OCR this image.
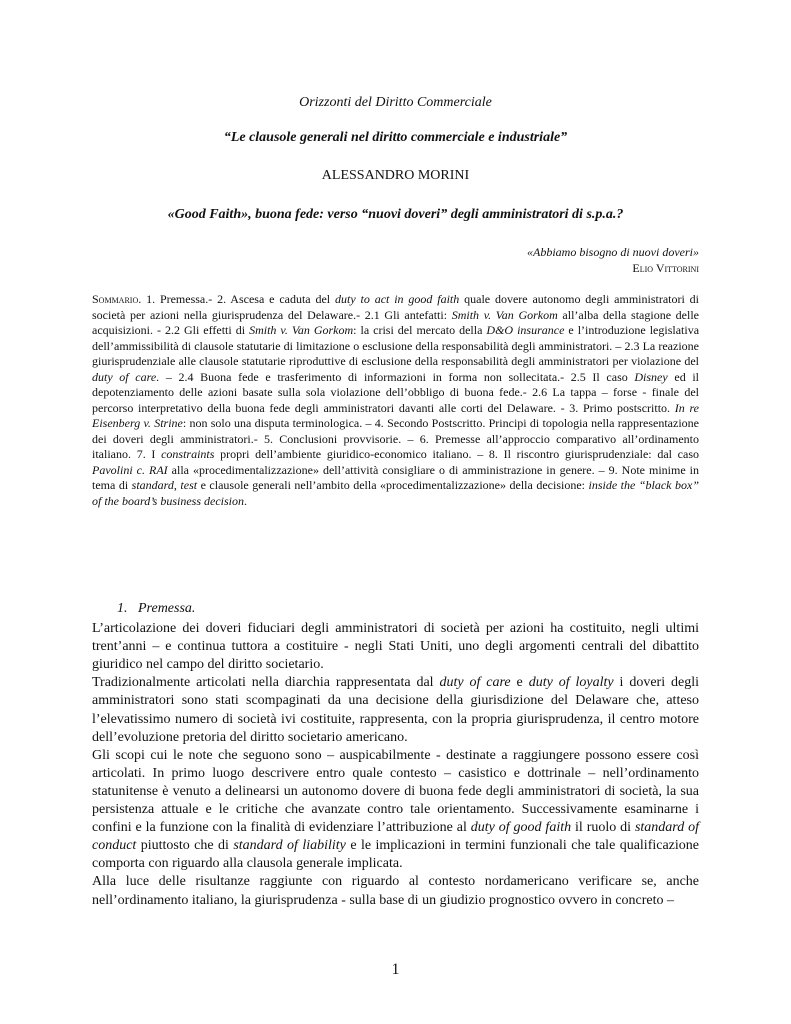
Orizzonti del Diritto Commerciale
“Le clausole generali nel diritto commerciale e industriale”
ALESSANDRO MORINI
«Good Faith», buona fede: verso “nuovi doveri” degli amministratori di s.p.a.?
«Abbiamo bisogno di nuovi doveri»
Elio Vittorini
Sommario. 1. Premessa.- 2. Ascesa e caduta del duty to act in good faith quale dovere autonomo degli amministratori di società per azioni nella giurisprudenza del Delaware.- 2.1 Gli antefatti: Smith v. Van Gorkom all’alba della stagione delle acquisizioni. - 2.2 Gli effetti di Smith v. Van Gorkom: la crisi del mercato della D&O insurance e l’introduzione legislativa dell’ammissibilità di clausole statutarie di limitazione o esclusione della responsabilità degli amministratori. – 2.3 La reazione giurisprudenziale alle clausole statutarie riproduttive di esclusione della responsabilità degli amministratori per violazione del duty of care. – 2.4 Buona fede e trasferimento di informazioni in forma non sollecitata.- 2.5 Il caso Disney ed il depotenziamento delle azioni basate sulla sola violazione dell’obbligo di buona fede.- 2.6 La tappa – forse - finale del percorso interpretativo della buona fede degli amministratori davanti alle corti del Delaware. - 3. Primo postscritto. In re Eisenberg v. Strine: non solo una disputa terminologica. – 4. Secondo Postscritto. Principi di topologia nella rappresentazione dei doveri degli amministratori.- 5. Conclusioni provvisorie. – 6. Premesse all’approccio comparativo all’ordinamento italiano. 7. I constraints propri dell’ambiente giuridico-economico italiano. – 8. Il riscontro giurisprudenziale: dal caso Pavolini c. RAI alla «procedimentalizzazione» dell’attività consigliare o di amministrazione in genere. – 9. Note minime in tema di standard, test e clausole generali nell’ambito della «procedimentalizzazione» della decisione: inside the “black box” of the board’s business decision.
1. Premessa.

L’articolazione dei doveri fiduciari degli amministratori di società per azioni ha costituito, negli ultimi trent’anni – e continua tuttora a costituire - negli Stati Uniti, uno degli argomenti centrali del dibattito giuridico nel campo del diritto societario.

Tradizionalmente articolati nella diarchia rappresentata dal duty of care e duty of loyalty i doveri degli amministratori sono stati scompaginati da una decisione della giurisdizione del Delaware che, atteso l’elevatissimo numero di società ivi costituite, rappresenta, con la propria giurisprudenza, il centro motore dell’evoluzione pretoria del diritto societario americano.

Gli scopi cui le note che seguono sono – auspicabilmente - destinate a raggiungere possono essere così articolati. In primo luogo descrivere entro quale contesto – casistico e dottrinale – nell’ordinamento statunitense è venuto a delinearsi un autonomo dovere di buona fede degli amministratori di società, la sua persistenza attuale e le critiche che avanzate contro tale orientamento. Successivamente esaminarne i confini e la funzione con la finalità di evidenziare l’attribuzione al duty of good faith il ruolo di standard of conduct piuttosto che di standard of liability e le implicazioni in termini funzionali che tale qualificazione comporta con riguardo alla clausola generale implicata.

Alla luce delle risultanze raggiunte con riguardo al contesto nordamericano verificare se, anche nell’ordinamento italiano, la giurisprudenza - sulla base di un giudizio prognostico ovvero in concreto –

1
